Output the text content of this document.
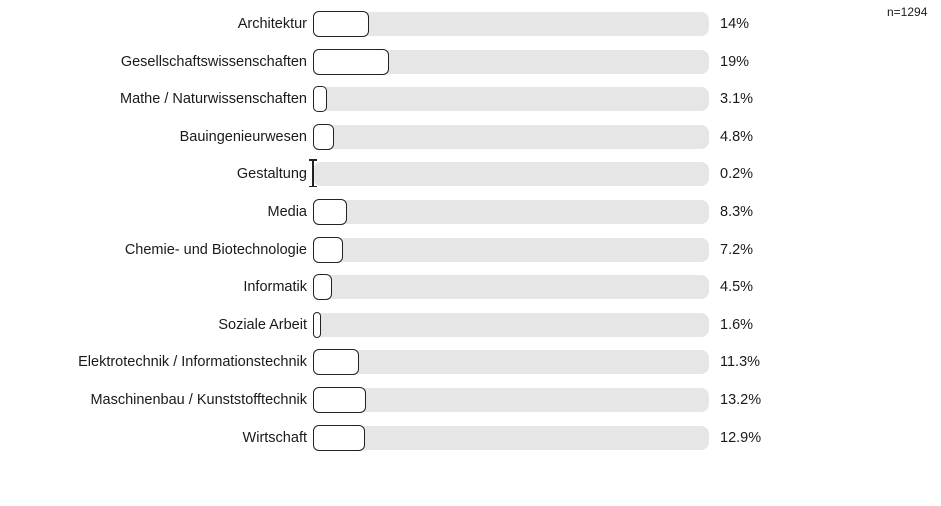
n=1294
Architektur	14%
Gesellschaftswissenschaften	19%
Mathe / Naturwissenschaften	3.1%
Bauingenieurwesen	4.8%
Gestaltung	0.2%
Media	8.3%
Chemie- und Biotechnologie	7.2%
Informatik	4.5%
Soziale Arbeit	1.6%
Elektrotechnik / Informationstechnik	11.3%
Maschinenbau / Kunststofftechnik	13.2%
Wirtschaft	12.9%
